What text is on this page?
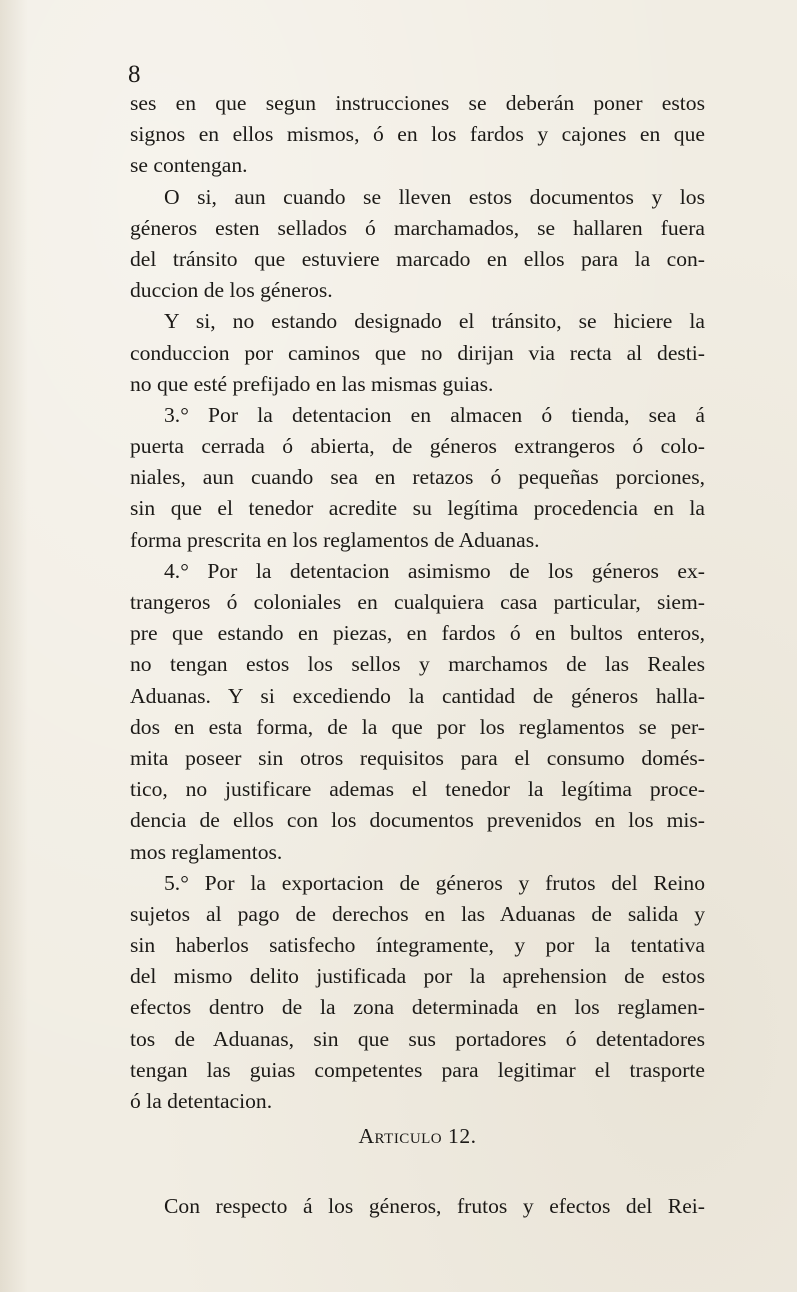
8
ses en que segun instrucciones se deberán poner estos
signos en ellos mismos, ó en los fardos y cajones en que
se contengan.
O si, aun cuando se lleven estos documentos y los
géneros esten sellados ó marchamados, se hallaren fuera
del tránsito que estuviere marcado en ellos para la con-
duccion de los géneros.
Y si, no estando designado el tránsito, se hiciere la
conduccion por caminos que no dirijan via recta al desti-
no que esté prefijado en las mismas guias.
3.° Por la detentacion en almacen ó tienda, sea á
puerta cerrada ó abierta, de géneros extrangeros ó colo-
niales, aun cuando sea en retazos ó pequeñas porciones,
sin que el tenedor acredite su legítima procedencia en la
forma prescrita en los reglamentos de Aduanas.
4.° Por la detentacion asimismo de los géneros ex-
trangeros ó coloniales en cualquiera casa particular, siem-
pre que estando en piezas, en fardos ó en bultos enteros,
no tengan estos los sellos y marchamos de las Reales
Aduanas. Y si excediendo la cantidad de géneros halla-
dos en esta forma, de la que por los reglamentos se per-
mita poseer sin otros requisitos para el consumo domés-
tico, no justificare ademas el tenedor la legítima proce-
dencia de ellos con los documentos prevenidos en los mis-
mos reglamentos.
5.° Por la exportacion de géneros y frutos del Reino
sujetos al pago de derechos en las Aduanas de salida y
sin haberlos satisfecho íntegramente, y por la tentativa
del mismo delito justificada por la aprehension de estos
efectos dentro de la zona determinada en los reglamen-
tos de Aduanas, sin que sus portadores ó detentadores
tengan las guias competentes para legitimar el trasporte
ó la detentacion.
Articulo 12.
Con respecto á los géneros, frutos y efectos del Rei-
